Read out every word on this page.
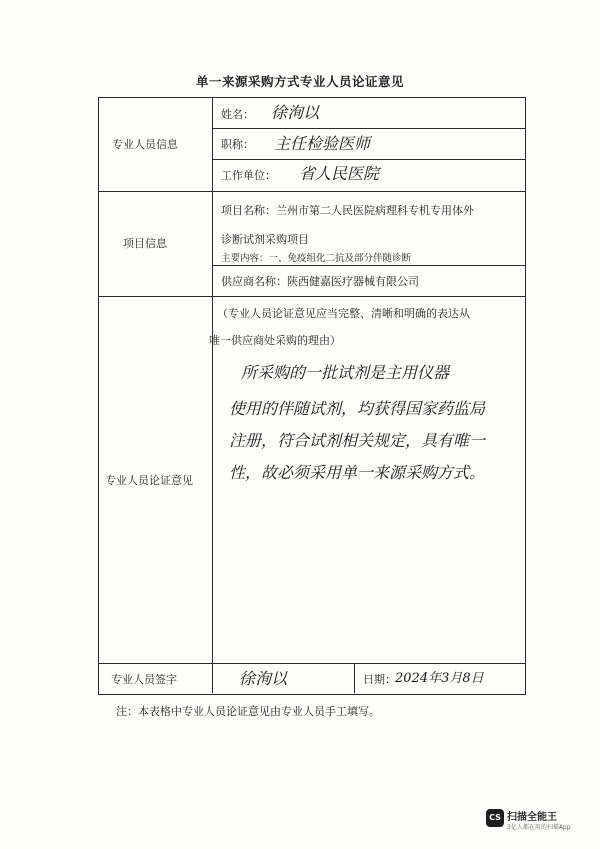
单一来源采购方式专业人员论证意见
专业人员信息
项目信息
专业人员论证意见
专业人员签字
姓名： 徐洵以
职称： 主任检验医师
工作单位： 省人民医院
项目名称：兰州市第二人民医院病理科专机专用体外
诊断试剂采购项目
主要内容：一、免疫组化二抗及部分伴随诊断
供应商名称：陕西健嘉医疗器械有限公司
（专业人员论证意见应当完整、清晰和明确的表达从
唯一供应商处采购的理由）
所采购的一批试剂是主用仪器
使用的伴随试剂，均获得国家药监局
注册，符合试剂相关规定，具有唯一
性，故必须采用单一来源采购方式。
徐洵以	日期： 2024年3月8日
注：本表格中专业人员论证意见由专业人员手工填写。
CS 扫描全能王
3亿人都在用的扫描App
